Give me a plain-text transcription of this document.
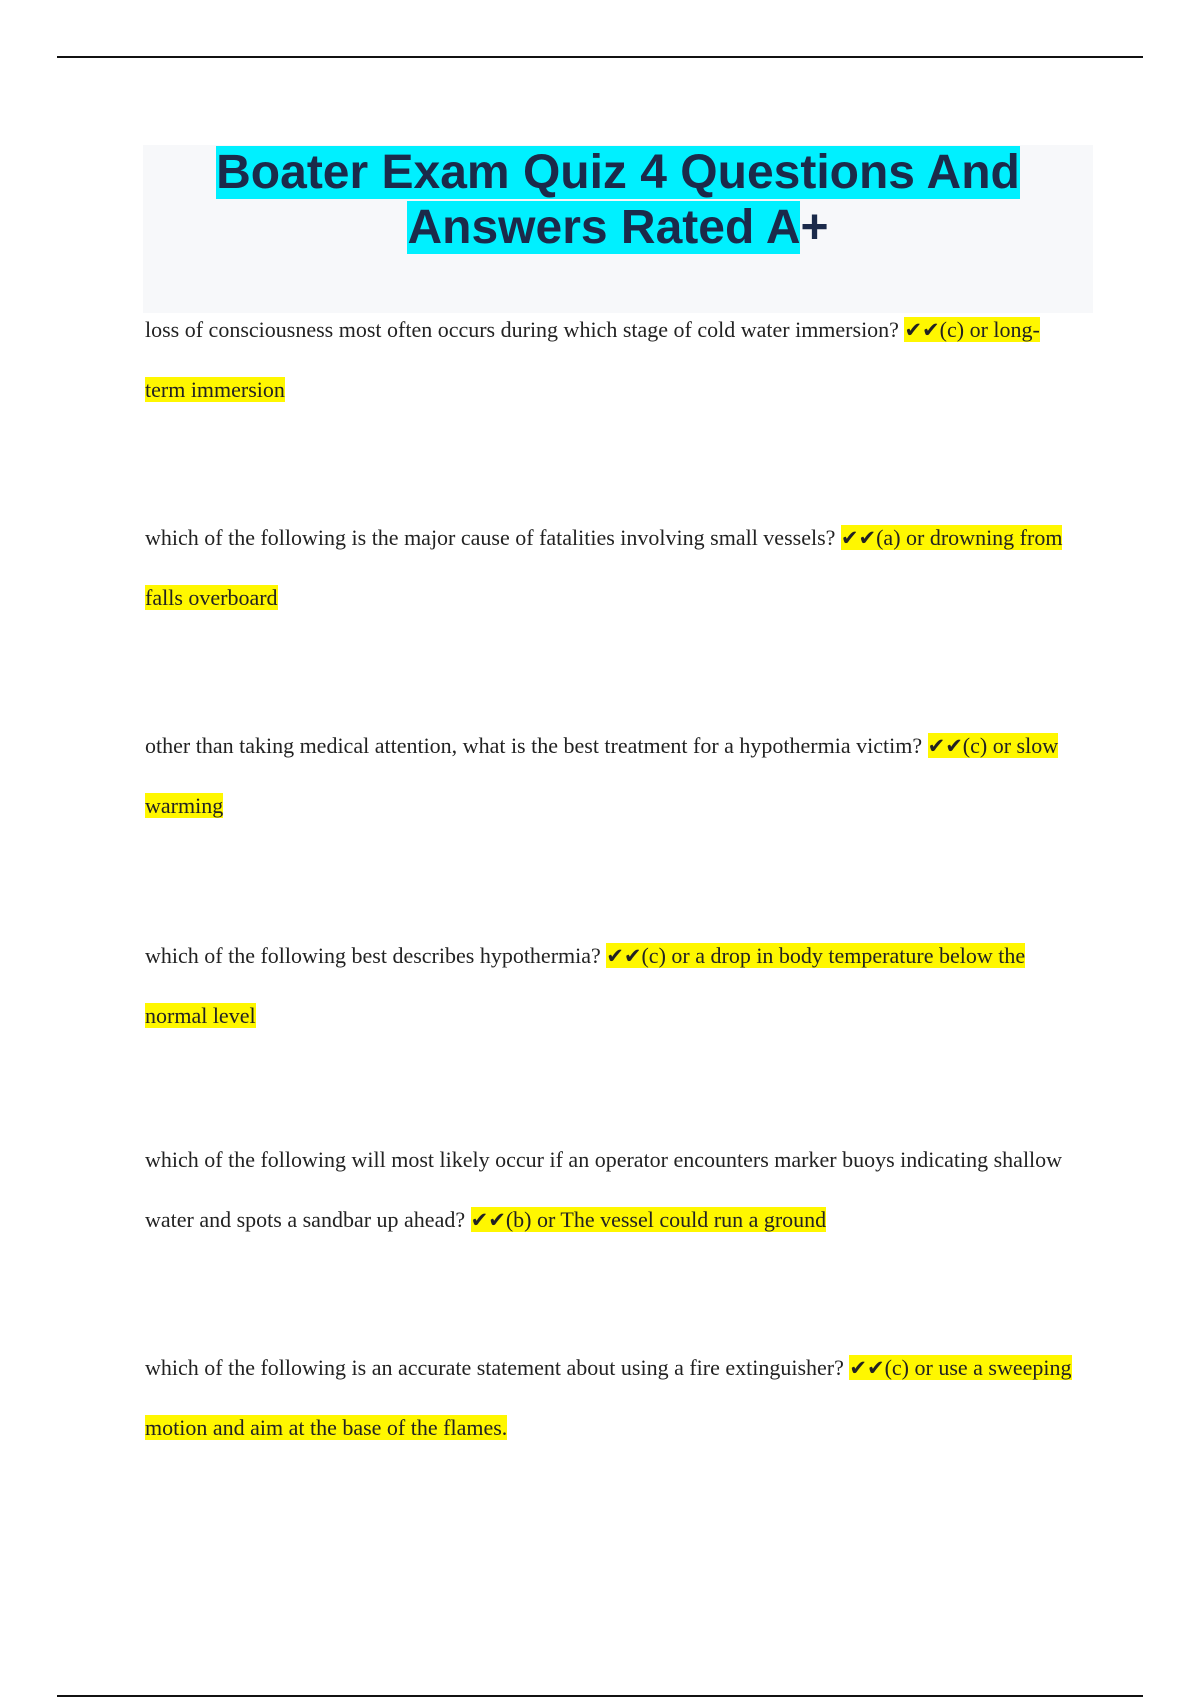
Boater Exam Quiz 4 Questions And
Answers Rated A+

loss of consciousness most often occurs during which stage of cold water immersion? ✔✔(c) or long-term immersion

which of the following is the major cause of fatalities involving small vessels? ✔✔(a) or drowning from falls overboard

other than taking medical attention, what is the best treatment for a hypothermia victim? ✔✔(c) or slow warming

which of the following best describes hypothermia? ✔✔(c) or a drop in body temperature below the normal level

which of the following will most likely occur if an operator encounters marker buoys indicating shallow water and spots a sandbar up ahead? ✔✔(b) or The vessel could run a ground

which of the following is an accurate statement about using a fire extinguisher? ✔✔(c) or use a sweeping motion and aim at the base of the flames.
